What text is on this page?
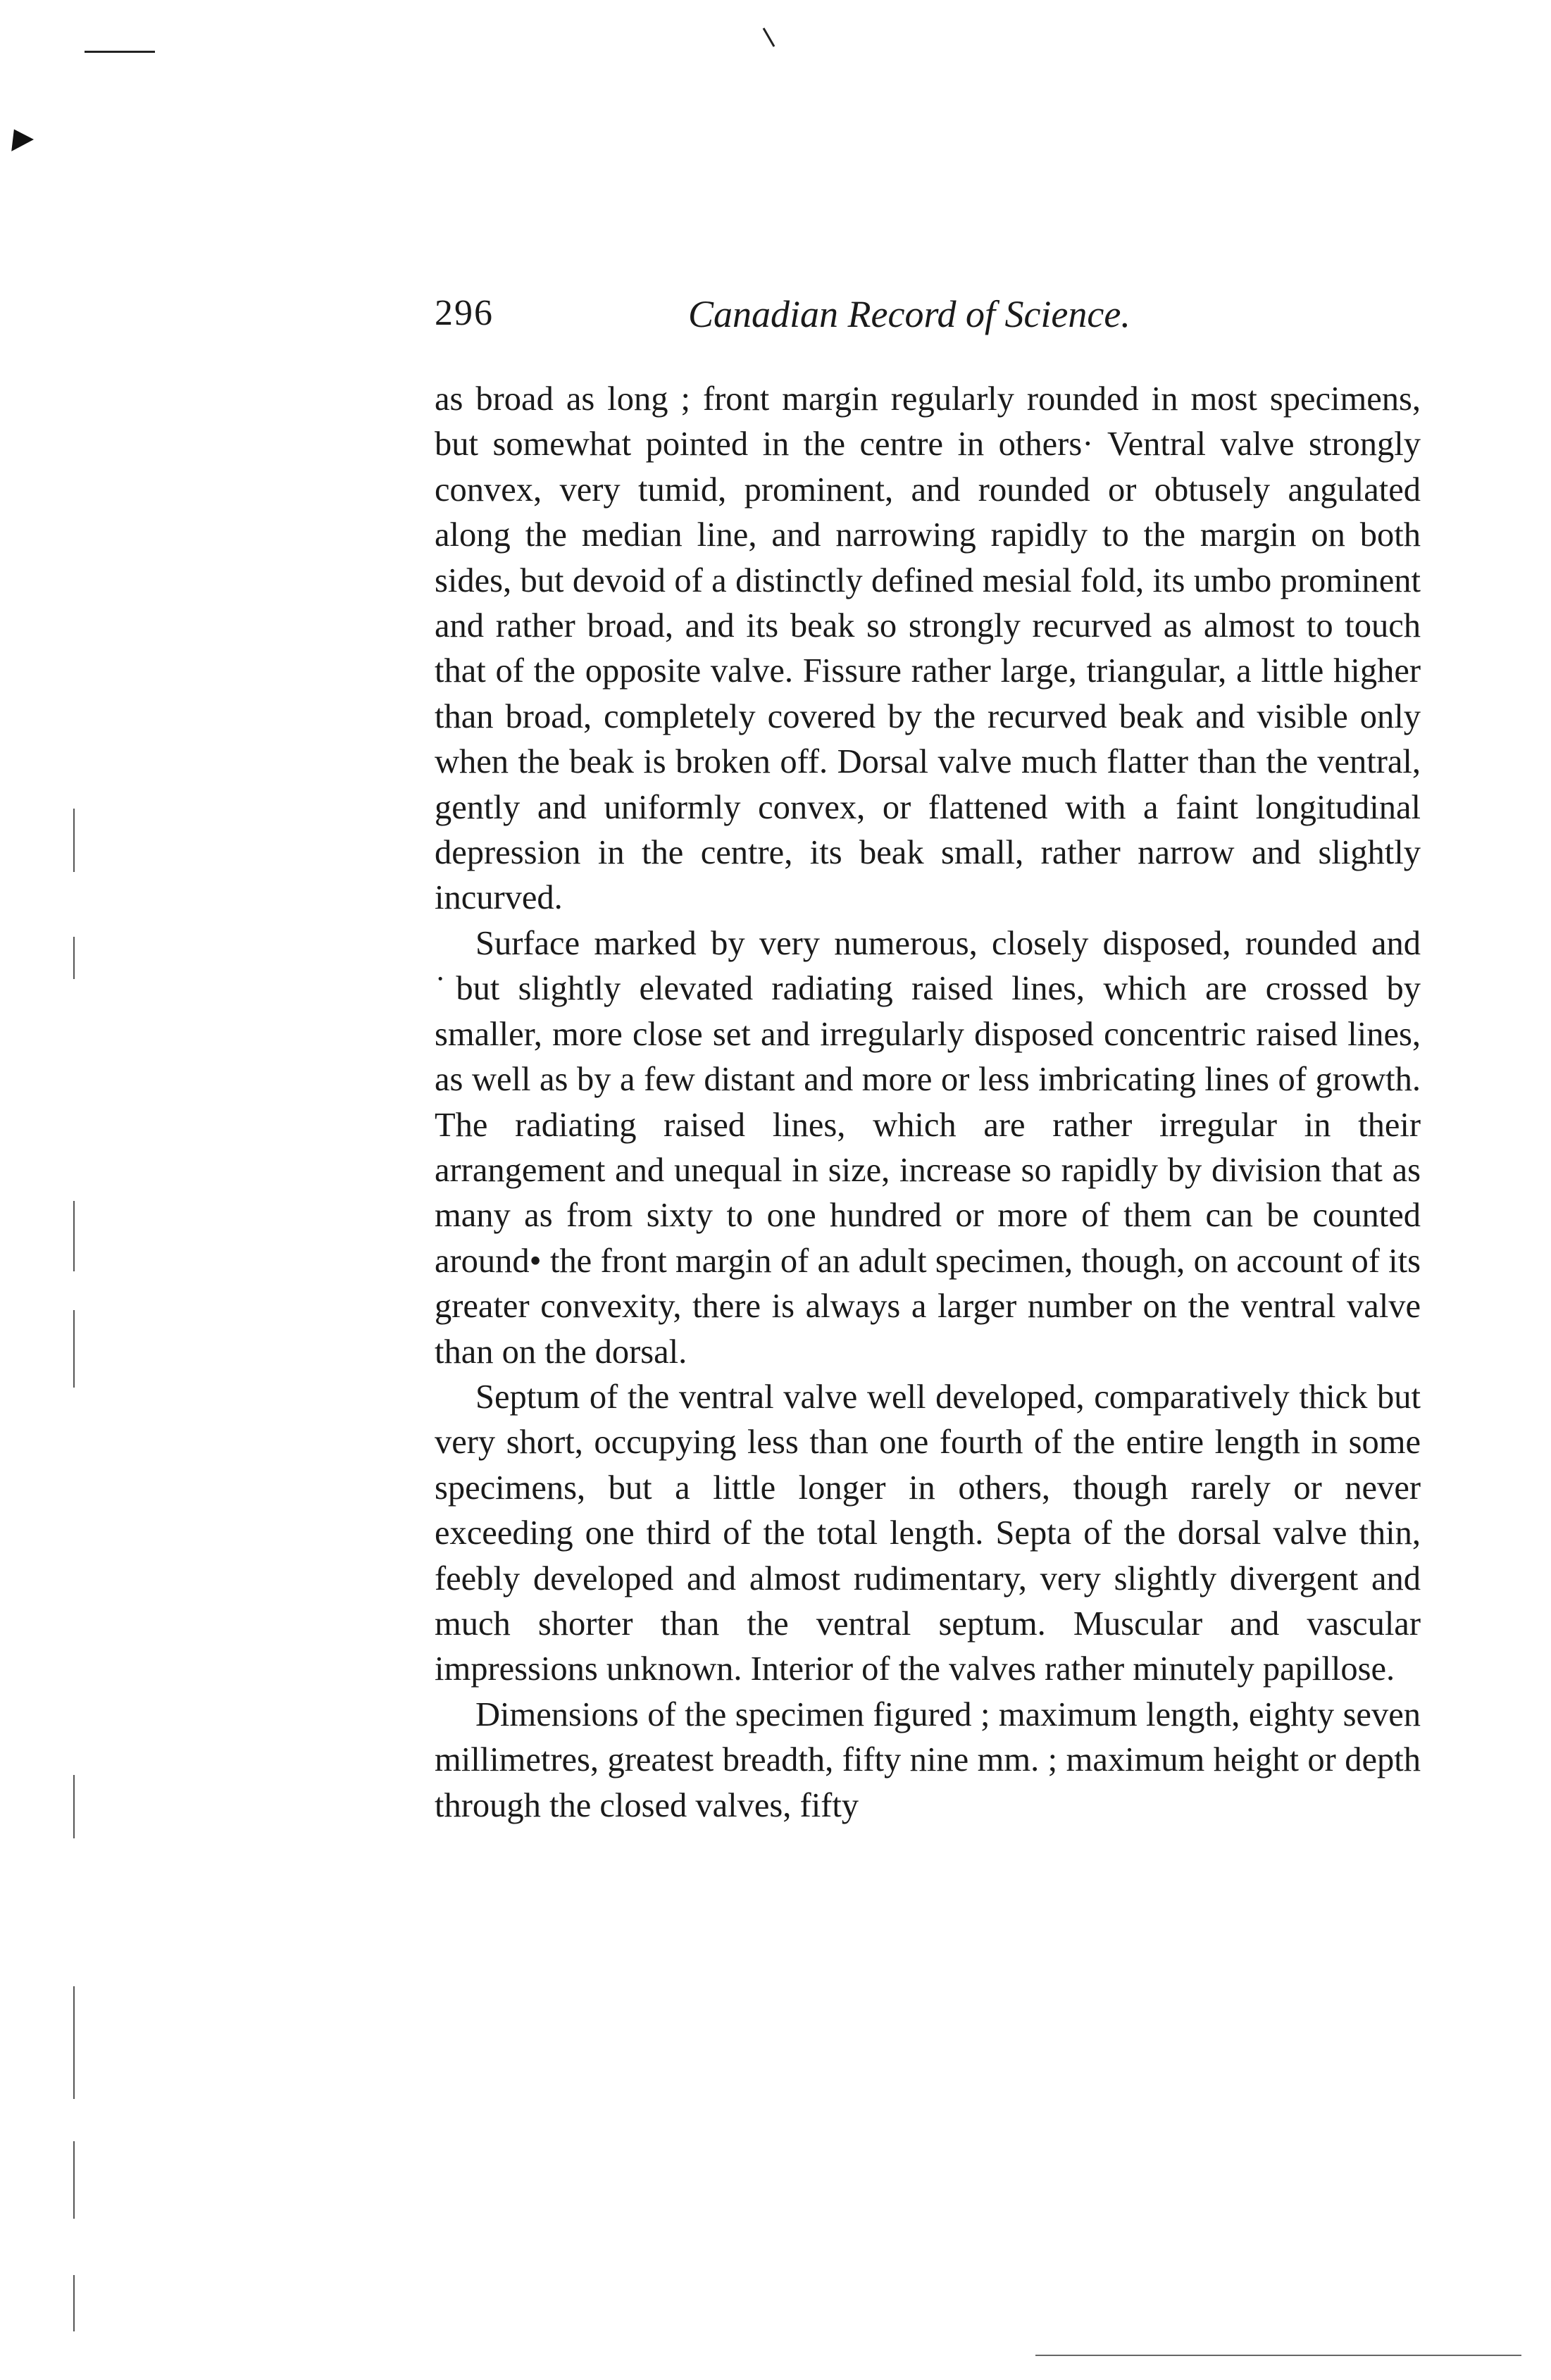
296	Canadian Record of Science.

as broad as long ; front margin regularly rounded in most specimens, but somewhat pointed in the centre in others· Ventral valve strongly convex, very tumid, prominent, and rounded or obtusely angulated along the median line, and narrowing rapidly to the margin on both sides, but devoid of a distinctly defined mesial fold, its umbo prominent and rather broad, and its beak so strongly recurved as almost to touch that of the opposite valve. Fissure rather large, triangular, a little higher than broad, completely covered by the recurved beak and visible only when the beak is broken off. Dorsal valve much flatter than the ventral, gently and uniformly convex, or flattened with a faint longitudinal depression in the centre, its beak small, rather narrow and slightly incurved.

Surface marked by very numerous, closely disposed, rounded and ˙but slightly elevated radiating raised lines, which are crossed by smaller, more close set and irregularly disposed concentric raised lines, as well as by a few distant and more or less imbricating lines of growth. The radiating raised lines, which are rather irregular in their arrangement and unequal in size, increase so rapidly by division that as many as from sixty to one hundred or more of them can be counted around• the front margin of an adult specimen, though, on account of its greater convexity, there is always a larger number on the ventral valve than on the dorsal.

Septum of the ventral valve well developed, comparatively thick but very short, occupying less than one fourth of the entire length in some specimens, but a little longer in others, though rarely or never exceeding one third of the total length. Septa of the dorsal valve thin, feebly developed and almost rudimentary, very slightly divergent and much shorter than the ventral septum. Muscular and vascular impressions unknown. Interior of the valves rather minutely papillose.

Dimensions of the specimen figured ; maximum length, eighty seven millimetres, greatest breadth, fifty nine mm. ; maximum height or depth through the closed valves, fifty
